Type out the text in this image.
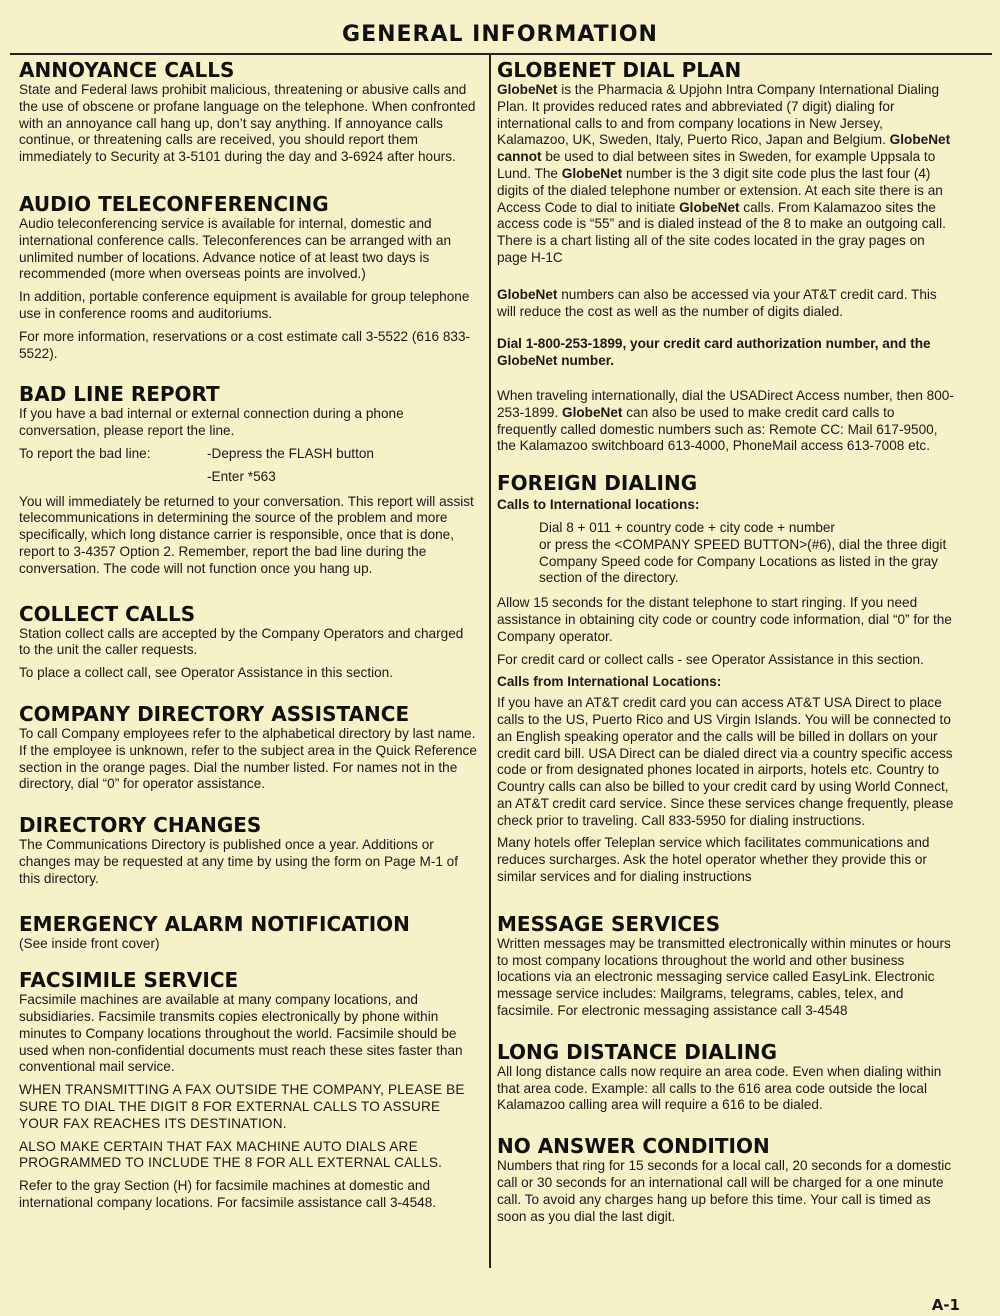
GENERAL INFORMATION
ANNOYANCE CALLS

State and Federal laws prohibit malicious, threatening or abusive calls and the use of obscene or profane language on the telephone. When confronted with an annoyance call hang up, don’t say anything. If annoyance calls continue, or threatening calls are received, you should report them immediately to Security at 3-5101 during the day and 3-6924 after hours.

AUDIO TELECONFERENCING

Audio teleconferencing service is available for internal, domestic and international conference calls. Teleconferences can be arranged with an unlimited number of locations. Advance notice of at least two days is recommended (more when overseas points are involved.)

In addition, portable conference equipment is available for group telephone use in conference rooms and auditoriums.

For more information, reservations or a cost estimate call 3-5522 (616 833-5522).

BAD LINE REPORT

If you have a bad internal or external connection during a phone conversation, please report the line.

To report the bad line:	-Depress the FLASH button
-Enter *563

You will immediately be returned to your conversation. This report will assist telecommunications in determining the source of the problem and more specifically, which long distance carrier is responsible, once that is done, report to 3-4357 Option 2. Remember, report the bad line during the conversation. The code will not function once you hang up.

COLLECT CALLS

Station collect calls are accepted by the Company Operators and charged to the unit the caller requests.

To place a collect call, see Operator Assistance in this section.

COMPANY DIRECTORY ASSISTANCE

To call Company employees refer to the alphabetical directory by last name. If the employee is unknown, refer to the subject area in the Quick Reference section in the orange pages. Dial the number listed. For names not in the directory, dial “0” for operator assistance.

DIRECTORY CHANGES

The Communications Directory is published once a year. Additions or changes may be requested at any time by using the form on Page M-1 of this directory.

EMERGENCY ALARM NOTIFICATION

(See inside front cover)

FACSIMILE SERVICE

Facsimile machines are available at many company locations, and subsidiaries. Facsimile transmits copies electronically by phone within minutes to Company locations throughout the world. Facsimile should be used when non-confidential documents must reach these sites faster than conventional mail service.

WHEN TRANSMITTING A FAX OUTSIDE THE COMPANY, PLEASE BE SURE TO DIAL THE DIGIT 8 FOR EXTERNAL CALLS TO ASSURE YOUR FAX REACHES ITS DESTINATION.

ALSO MAKE CERTAIN THAT FAX MACHINE AUTO DIALS ARE PROGRAMMED TO INCLUDE THE 8 FOR ALL EXTERNAL CALLS.

Refer to the gray Section (H) for facsimile machines at domestic and international company locations. For facsimile assistance call 3-4548.

GLOBENET DIAL PLAN

GlobeNet is the Pharmacia & Upjohn Intra Company International Dialing Plan. It provides reduced rates and abbreviated (7 digit) dialing for international calls to and from company locations in New Jersey, Kalamazoo, UK, Sweden, Italy, Puerto Rico, Japan and Belgium. GlobeNet cannot be used to dial between sites in Sweden, for example Uppsala to Lund. The GlobeNet number is the 3 digit site code plus the last four (4) digits of the dialed telephone number or extension. At each site there is an Access Code to dial to initiate GlobeNet calls. From Kalamazoo sites the access code is “55” and is dialed instead of the 8 to make an outgoing call. There is a chart listing all of the site codes located in the gray pages on page H-1C

GlobeNet numbers can also be accessed via your AT&T credit card. This will reduce the cost as well as the number of digits dialed.

Dial 1-800-253-1899, your credit card authorization number, and the GlobeNet number.

When traveling internationally, dial the USADirect Access number, then 800-253-1899. GlobeNet can also be used to make credit card calls to frequently called domestic numbers such as: Remote CC: Mail 617-9500, the Kalamazoo switchboard 613-4000, PhoneMail access 613-7008 etc.

FOREIGN DIALING
Calls to International locations:
Dial 8 + 011 + country code + city code + number
or press the <COMPANY SPEED BUTTON>(#6), dial the three digit Company Speed code for Company Locations as listed in the gray section of the directory.

Allow 15 seconds for the distant telephone to start ringing. If you need assistance in obtaining city code or country code information, dial “0” for the Company operator.

For credit card or collect calls - see Operator Assistance in this section.

Calls from International Locations:

If you have an AT&T credit card you can access AT&T USA Direct to place calls to the US, Puerto Rico and US Virgin Islands. You will be connected to an English speaking operator and the calls will be billed in dollars on your credit card bill. USA Direct can be dialed direct via a country specific access code or from designated phones located in airports, hotels etc. Country to Country calls can also be billed to your credit card by using World Connect, an AT&T credit card service. Since these services change frequently, please check prior to traveling. Call 833-5950 for dialing instructions.

Many hotels offer Teleplan service which facilitates communications and reduces surcharges. Ask the hotel operator whether they provide this or similar services and for dialing instructions

MESSAGE SERVICES

Written messages may be transmitted electronically within minutes or hours to most company locations throughout the world and other business locations via an electronic messaging service called EasyLink. Electronic message service includes: Mailgrams, telegrams, cables, telex, and facsimile. For electronic messaging assistance call 3-4548

LONG DISTANCE DIALING

All long distance calls now require an area code. Even when dialing within that area code. Example: all calls to the 616 area code outside the local Kalamazoo calling area will require a 616 to be dialed.

NO ANSWER CONDITION

Numbers that ring for 15 seconds for a local call, 20 seconds for a domestic call or 30 seconds for an international call will be charged for a one minute call. To avoid any charges hang up before this time. Your call is timed as soon as you dial the last digit.

A-1
